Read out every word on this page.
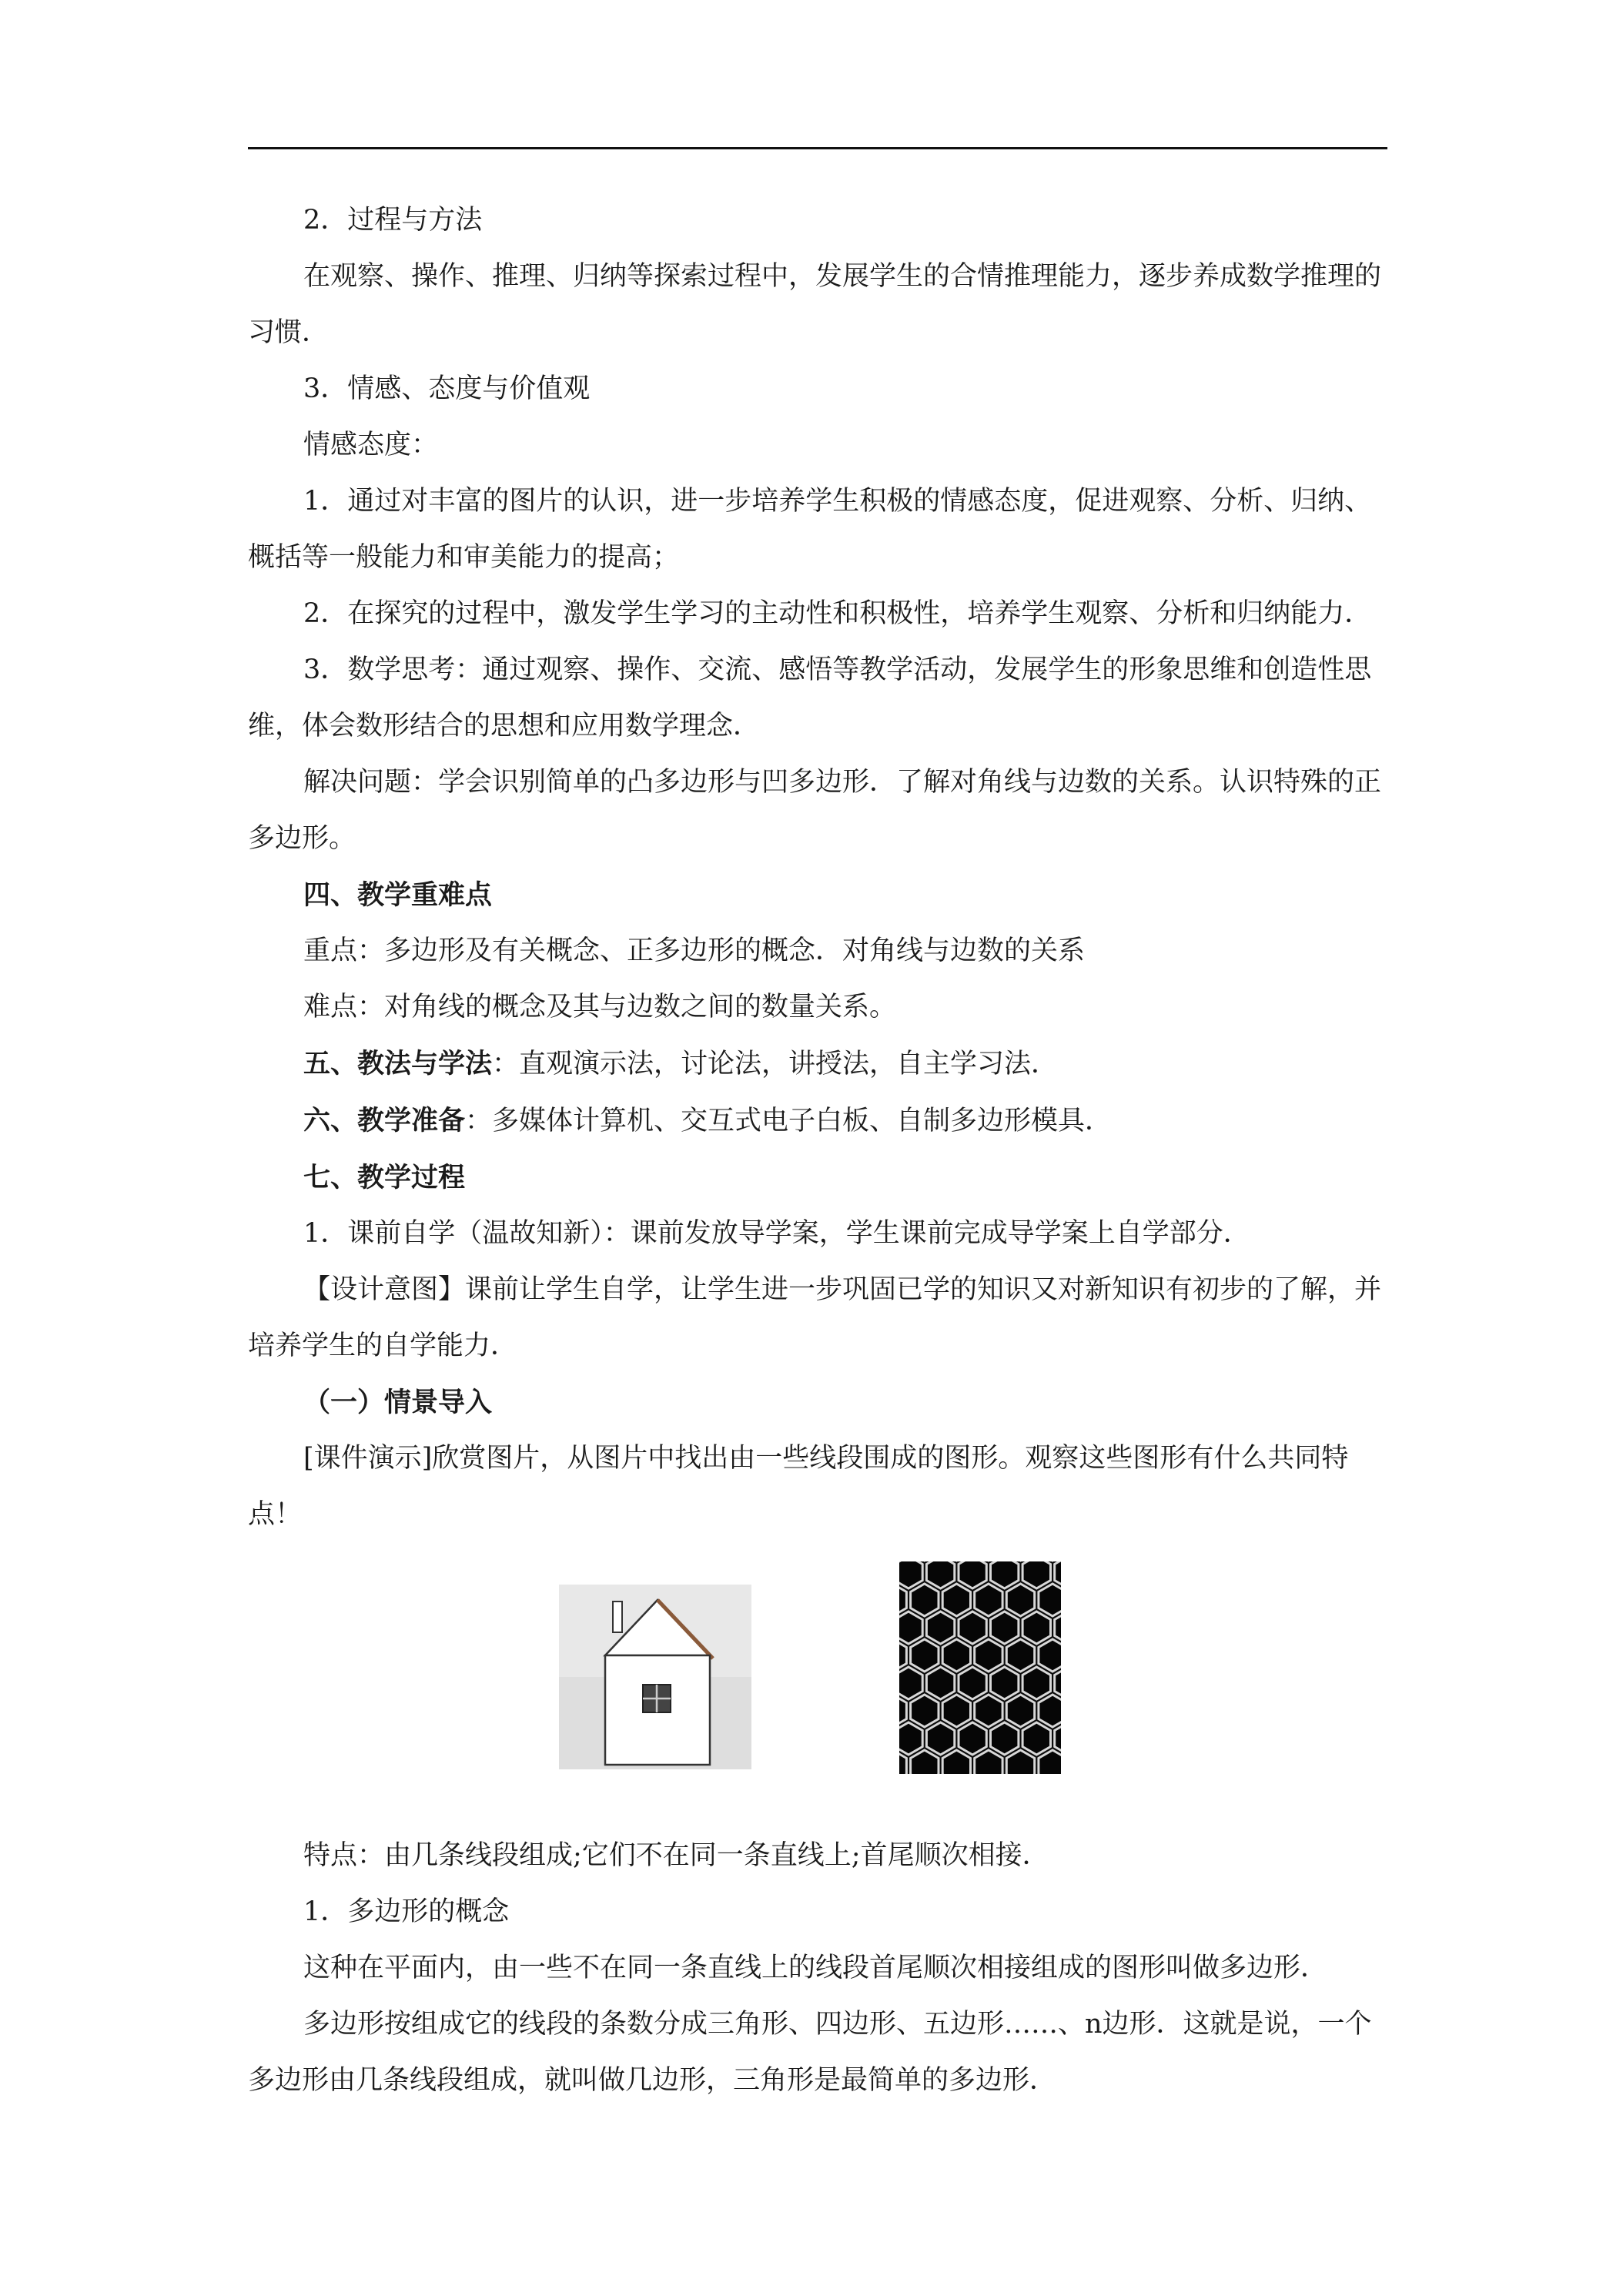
2．过程与方法

在观察、操作、推理、归纳等探索过程中，发展学生的合情推理能力，逐步养成数学推理的习惯．

3．情感、态度与价值观

情感态度：

1．通过对丰富的图片的认识，进一步培养学生积极的情感态度，促进观察、分析、归纳、概括等一般能力和审美能力的提高；

2．在探究的过程中，激发学生学习的主动性和积极性，培养学生观察、分析和归纳能力．

3．数学思考：通过观察、操作、交流、感悟等教学活动，发展学生的形象思维和创造性思维，体会数形结合的思想和应用数学理念．

解决问题：学会识别简单的凸多边形与凹多边形．了解对角线与边数的关系。认识特殊的正多边形。

四、教学重难点

重点：多边形及有关概念、正多边形的概念．对角线与边数的关系

难点：对角线的概念及其与边数之间的数量关系。

五、教法与学法：直观演示法，讨论法，讲授法，自主学习法．

六、教学准备：多媒体计算机、交互式电子白板、自制多边形模具．

七、教学过程

1．课前自学（温故知新）：课前发放导学案，学生课前完成导学案上自学部分．

【设计意图】课前让学生自学，让学生进一步巩固已学的知识又对新知识有初步的了解，并培养学生的自学能力．

（一）情景导入

[课件演示]欣赏图片，从图片中找出由一些线段围成的图形。观察这些图形有什么共同特点！

特点：由几条线段组成;它们不在同一条直线上;首尾顺次相接．

1．多边形的概念

这种在平面内，由一些不在同一条直线上的线段首尾顺次相接组成的图形叫做多边形．

多边形按组成它的线段的条数分成三角形、四边形、五边形……、n边形．这就是说，一个多边形由几条线段组成，就叫做几边形，三角形是最简单的多边形．
